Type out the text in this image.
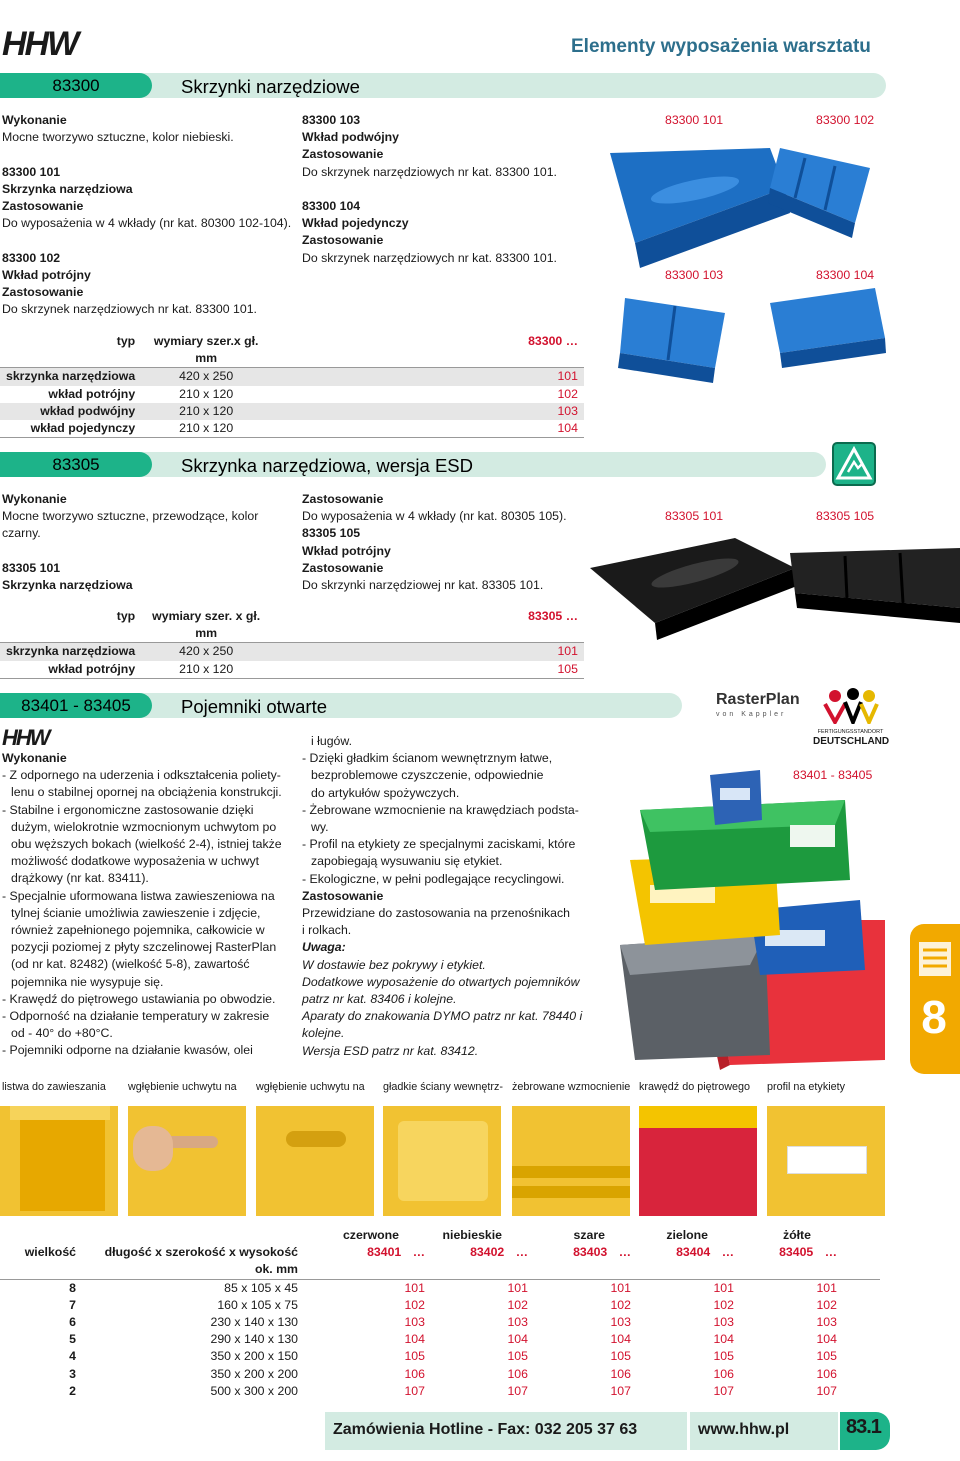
HHW	Elementy wyposażenia warsztatu
83300	Skrzynki narzędziowe

Wykonanie

Mocne tworzywo sztuczne, kolor niebieski.

83300 101

Skrzynka narzędziowa

Zastosowanie

Do wyposażenia w 4 wkłady (nr kat. 80300 102-104).

83300 102

Wkład potrójny

Zastosowanie

Do skrzynek narzędziowych nr kat. 83300 101.

83300 103

Wkład podwójny

Zastosowanie

Do skrzynek narzędziowych nr kat. 83300 101.

83300 104

Wkład pojedynczy

Zastosowanie

Do skrzynek narzędziowych nr kat. 83300 101.

83300 101	83300 102

83300 103	83300 104

typ	wymiary szer.x gł.		83300 …
	mm		
skrzynka narzędziowa	420 x 250		101
wkład potrójny	210 x 120		102
wkład podwójny	210 x 120		103
wkład pojedynczy	210 x 120		104
83305	Skrzynka narzędziowa, wersja ESD

Wykonanie

Mocne tworzywo sztuczne, przewodzące, kolor

czarny.

83305 101

Skrzynka narzędziowa

Zastosowanie

Do wyposażenia w 4 wkłady (nr kat. 80305 105).

83305 105

Wkład potrójny

Zastosowanie

Do skrzynki narzędziowej nr kat. 83305 101.

83305 101	83305 105

typ	wymiary szer. x gł.		83305 …
	mm		
skrzynka narzędziowa	420 x 250		101
wkład potrójny	210 x 120		105
83401 - 83405	Pojemniki otwarte	RasterPlan
von Kappler
FERTIGUNGSSTANDORT
DEUTSCHLAND
HHW

Wykonanie

- Z odpornego na uderzenia i odkształcenia poliety-

lenu o stabilnej opornej na obciążenia konstrukcji.

- Stabilne i ergonomiczne zastosowanie dzięki

dużym, wielokrotnie wzmocnionym uchwytom po

obu węższych bokach (wielkość 2-4), istniej także

możliwość dodatkowe wyposażenia w uchwyt

drążkowy (nr kat. 83411).

- Specjalnie uformowana listwa zawieszeniowa na

tylnej ścianie umożliwia zawieszenie i zdjęcie,

również zapełnionego pojemnika, całkowicie w

pozycji poziomej z płyty szczelinowej RasterPlan

(od nr kat. 82482) (wielkość 5-8), zawartość

pojemnika nie wysypuje się.

- Krawędź do piętrowego ustawiania po obwodzie.

- Odporność na działanie temperatury w zakresie

od - 40° do +80°C.

- Pojemniki odporne na działanie kwasów, olei

i ługów.

- Dzięki gładkim ścianom wewnętrznym łatwe,

bezproblemowe czyszczenie, odpowiednie

do artykułów spożywczych.

- Żebrowane wzmocnienie na krawędziach podsta-

wy.

- Profil na etykiety ze specjalnymi zaciskami, które

zapobiegają wysuwaniu się etykiet.

- Ekologiczne, w pełni podlegające recyclingowi.

Zastosowanie

Przewidziane do zastosowania na przenośnikach

i rolkach.

Uwaga:

W dostawie bez pokrywy i etykiet.

Dodatkowe wyposażenie do otwartych pojemników

patrz nr kat. 83406 i kolejne.

Aparaty do znakowania DYMO patrz nr kat. 78440 i

kolejne.

Wersja ESD patrz nr kat. 83412.

83401 - 83405

8

listwa do zawieszania wgłębienie uchwytu na wgłębienie uchwytu na gładkie ściany wewnętrz- żebrowane wzmocnienie krawędź do piętrowego profil na etykiety

			czerwone	niebieskie	szare	zielone	żółte	
wielkość	długość x szerokość x wysokość		83401 …	83402 …	83403 …	83404 …	83405 …	
	ok. mm							
8	85 x 105 x 45		101	101	101	101	101	
7	160 x 105 x 75		102	102	102	102	102	
6	230 x 140 x 130		103	103	103	103	103	
5	290 x 140 x 130		104	104	104	104	104	
4	350 x 200 x 150		105	105	105	105	105	
3	350 x 200 x 200		106	106	106	106	106	
2	500 x 300 x 200		107	107	107	107	107	
Zamówienia Hotline - Fax: 032 205 37 63	www.hhw.pl	83.1
